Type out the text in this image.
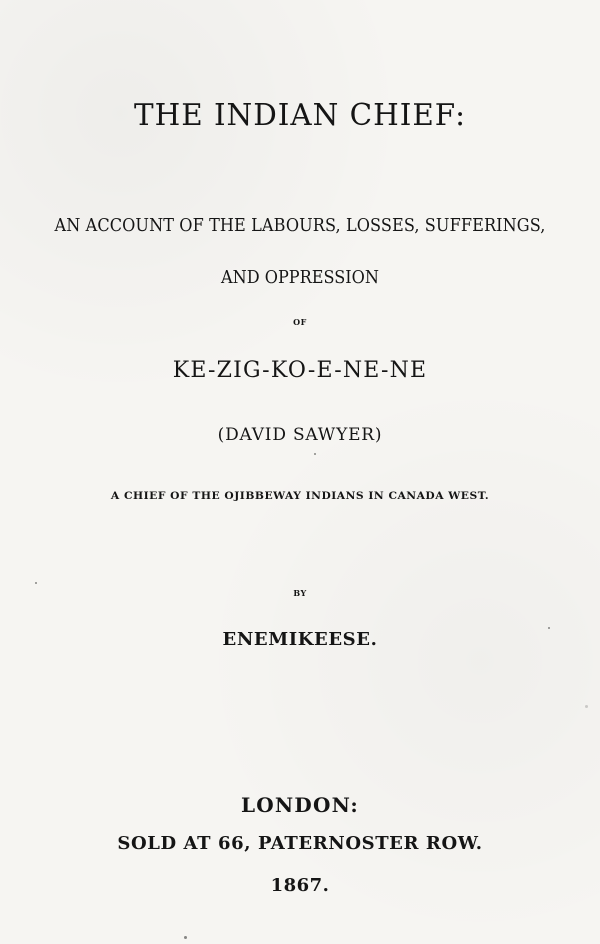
THE INDIAN CHIEF:
AN ACCOUNT OF THE LABOURS, LOSSES, SUFFERINGS,
AND OPPRESSION
OF
KE-ZIG-KO-E-NE-NE
(DAVID SAWYER)
A CHIEF OF THE OJIBBEWAY INDIANS IN CANADA WEST.
BY
ENEMIKEESE.
LONDON:
SOLD AT 66, PATERNOSTER ROW.
1867.
